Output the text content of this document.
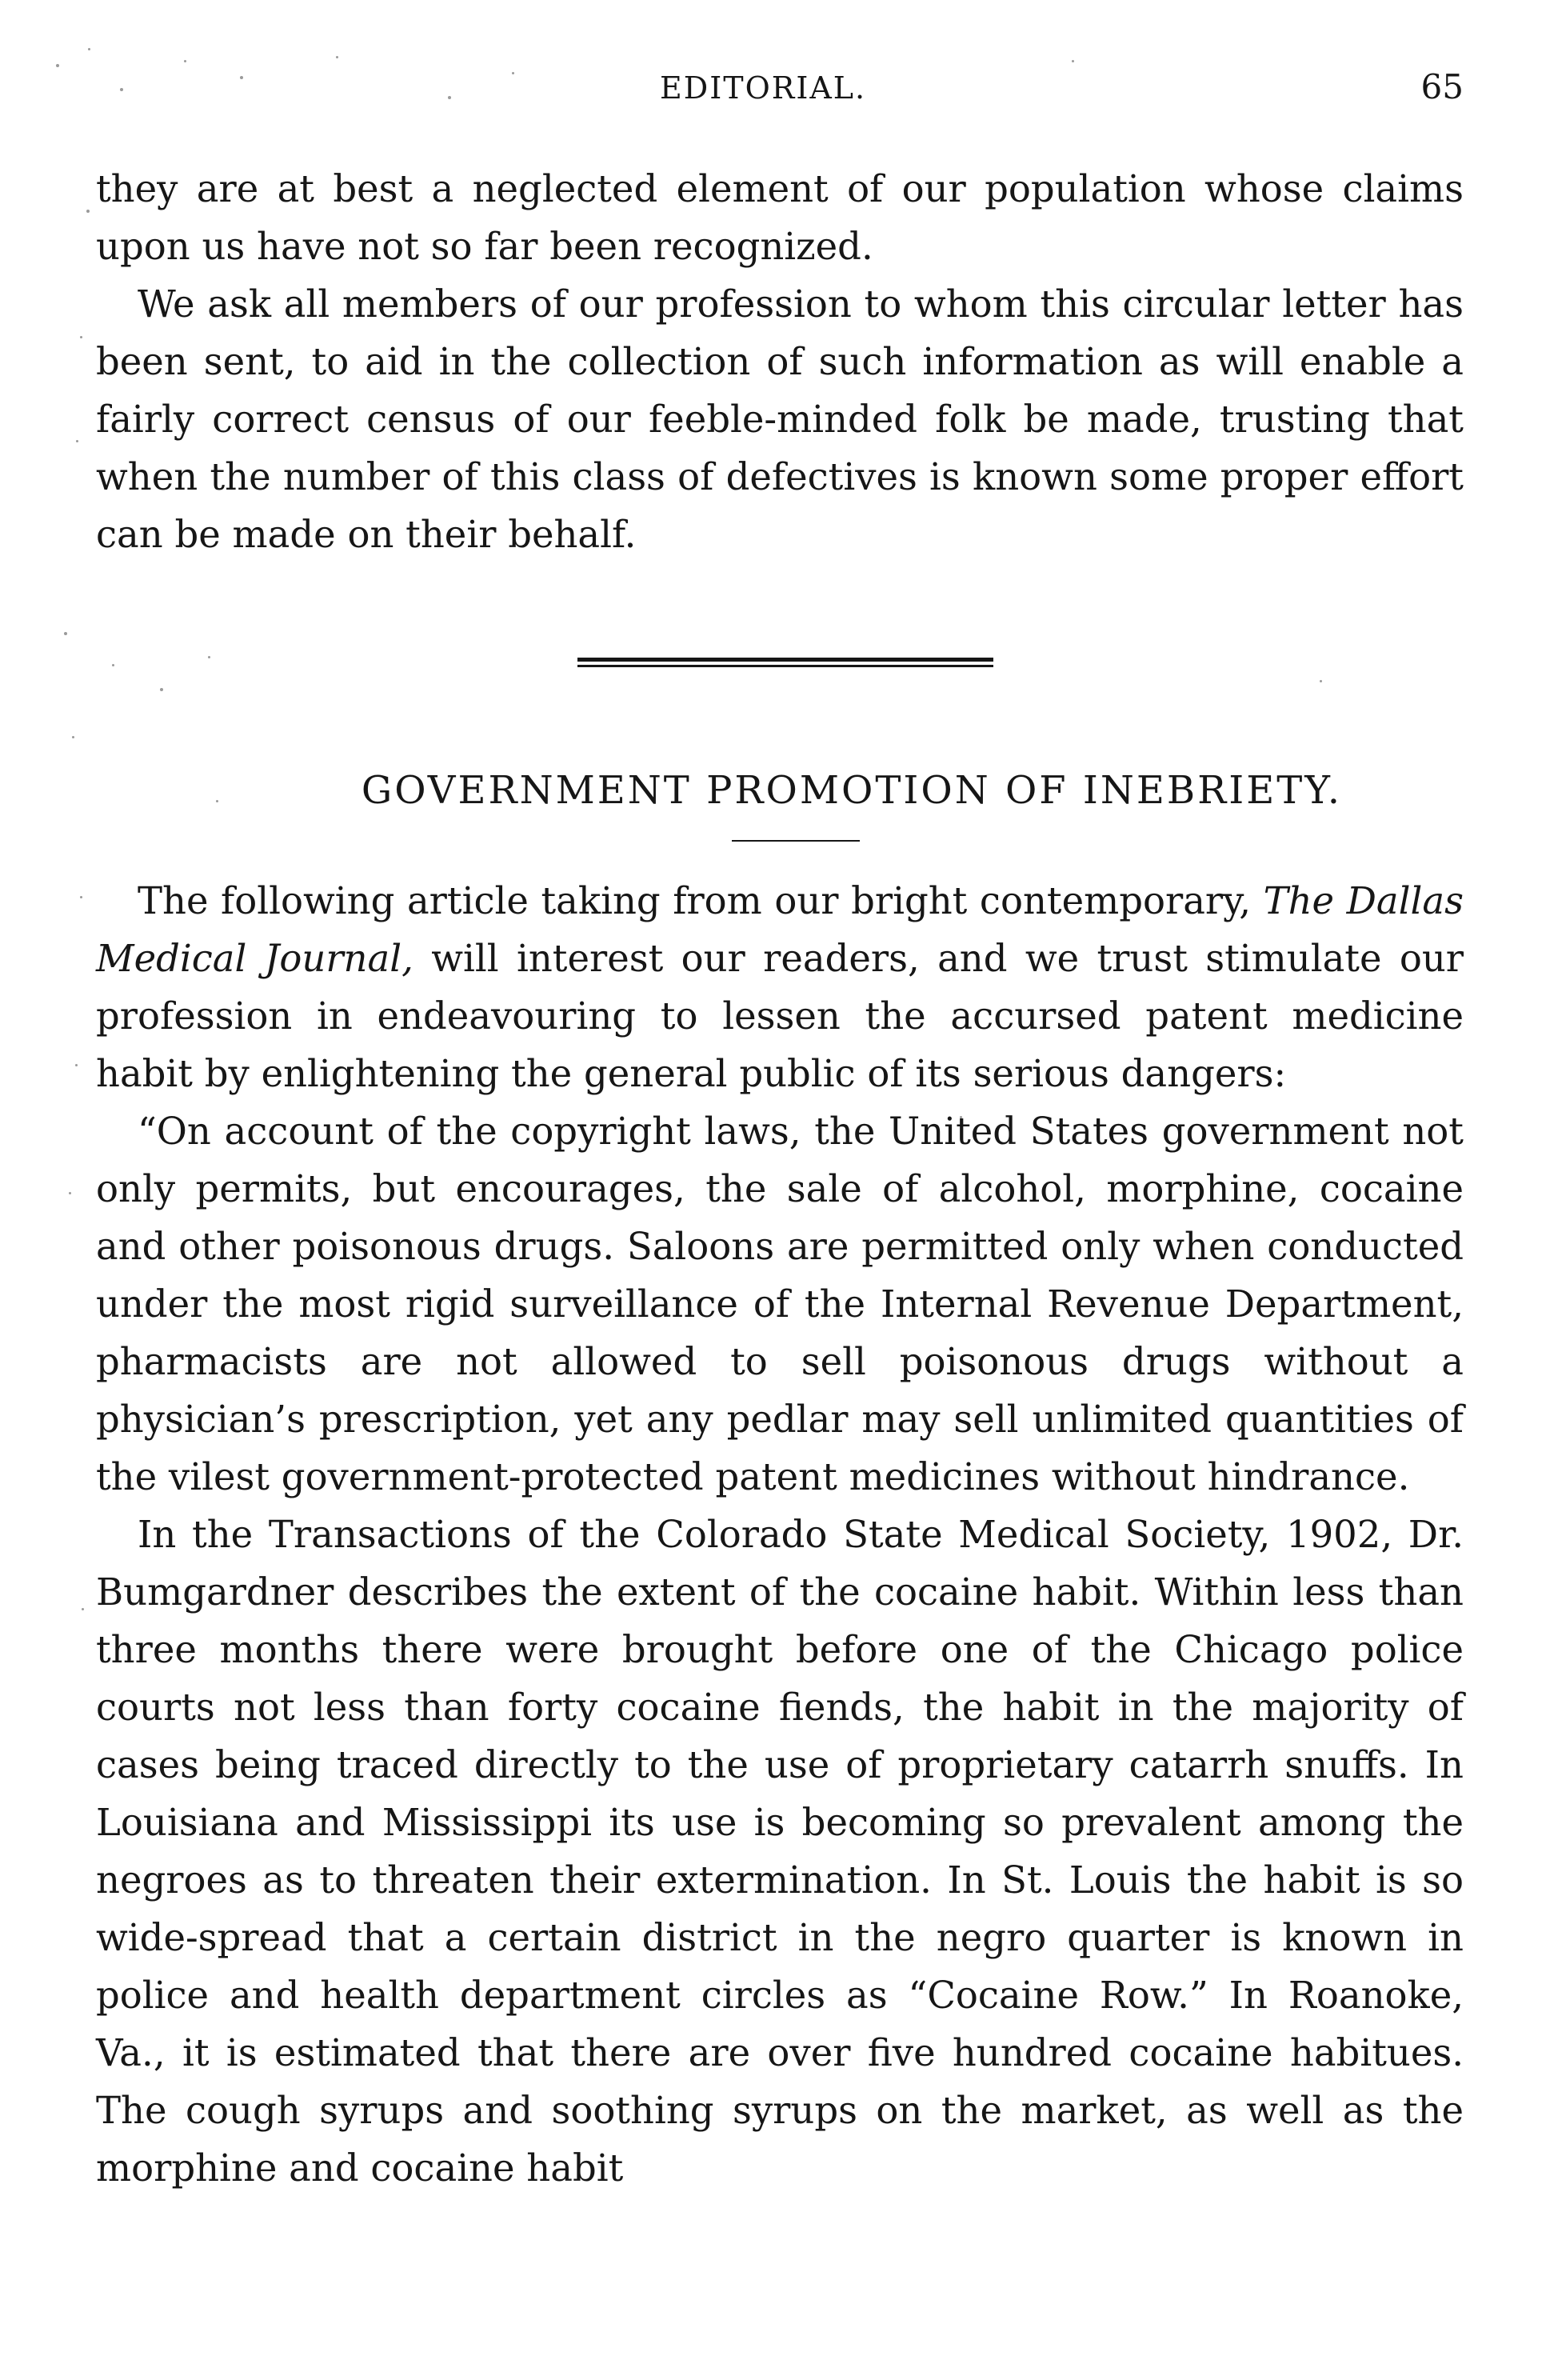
EDITORIAL.	65

they are at best a neglected element of our population whose claims upon us have not so far been recognized.

We ask all members of our profession to whom this circular letter has been sent, to aid in the collection of such information as will enable a fairly correct census of our feeble-minded folk be made, trusting that when the number of this class of defectives is known some proper effort can be made on their behalf.

GOVERNMENT PROMOTION OF INEBRIETY.

The following article taking from our bright contemporary, The Dallas Medical Journal, will interest our readers, and we trust stimulate our profession in endeavouring to lessen the accursed patent medicine habit by enlightening the general public of its serious dangers:

“On account of the copyright laws, the United States government not only permits, but encourages, the sale of alcohol, morphine, cocaine and other poisonous drugs. Saloons are permitted only when conducted under the most rigid surveillance of the Internal Revenue Department, pharmacists are not allowed to sell poisonous drugs without a physician’s prescription, yet any pedlar may sell unlimited quantities of the vilest government-protected patent medicines without hindrance.

In the Transactions of the Colorado State Medical Society, 1902, Dr. Bumgardner describes the extent of the cocaine habit. Within less than three months there were brought before one of the Chicago police courts not less than forty cocaine fiends, the habit in the majority of cases being traced directly to the use of proprietary catarrh snuffs. In Louisiana and Mississippi its use is becoming so prevalent among the negroes as to threaten their extermination. In St. Louis the habit is so wide-spread that a certain district in the negro quarter is known in police and health department circles as “Cocaine Row.” In Roanoke, Va., it is estimated that there are over five hundred cocaine habitues. The cough syrups and soothing syrups on the market, as well as the morphine and cocaine habit
